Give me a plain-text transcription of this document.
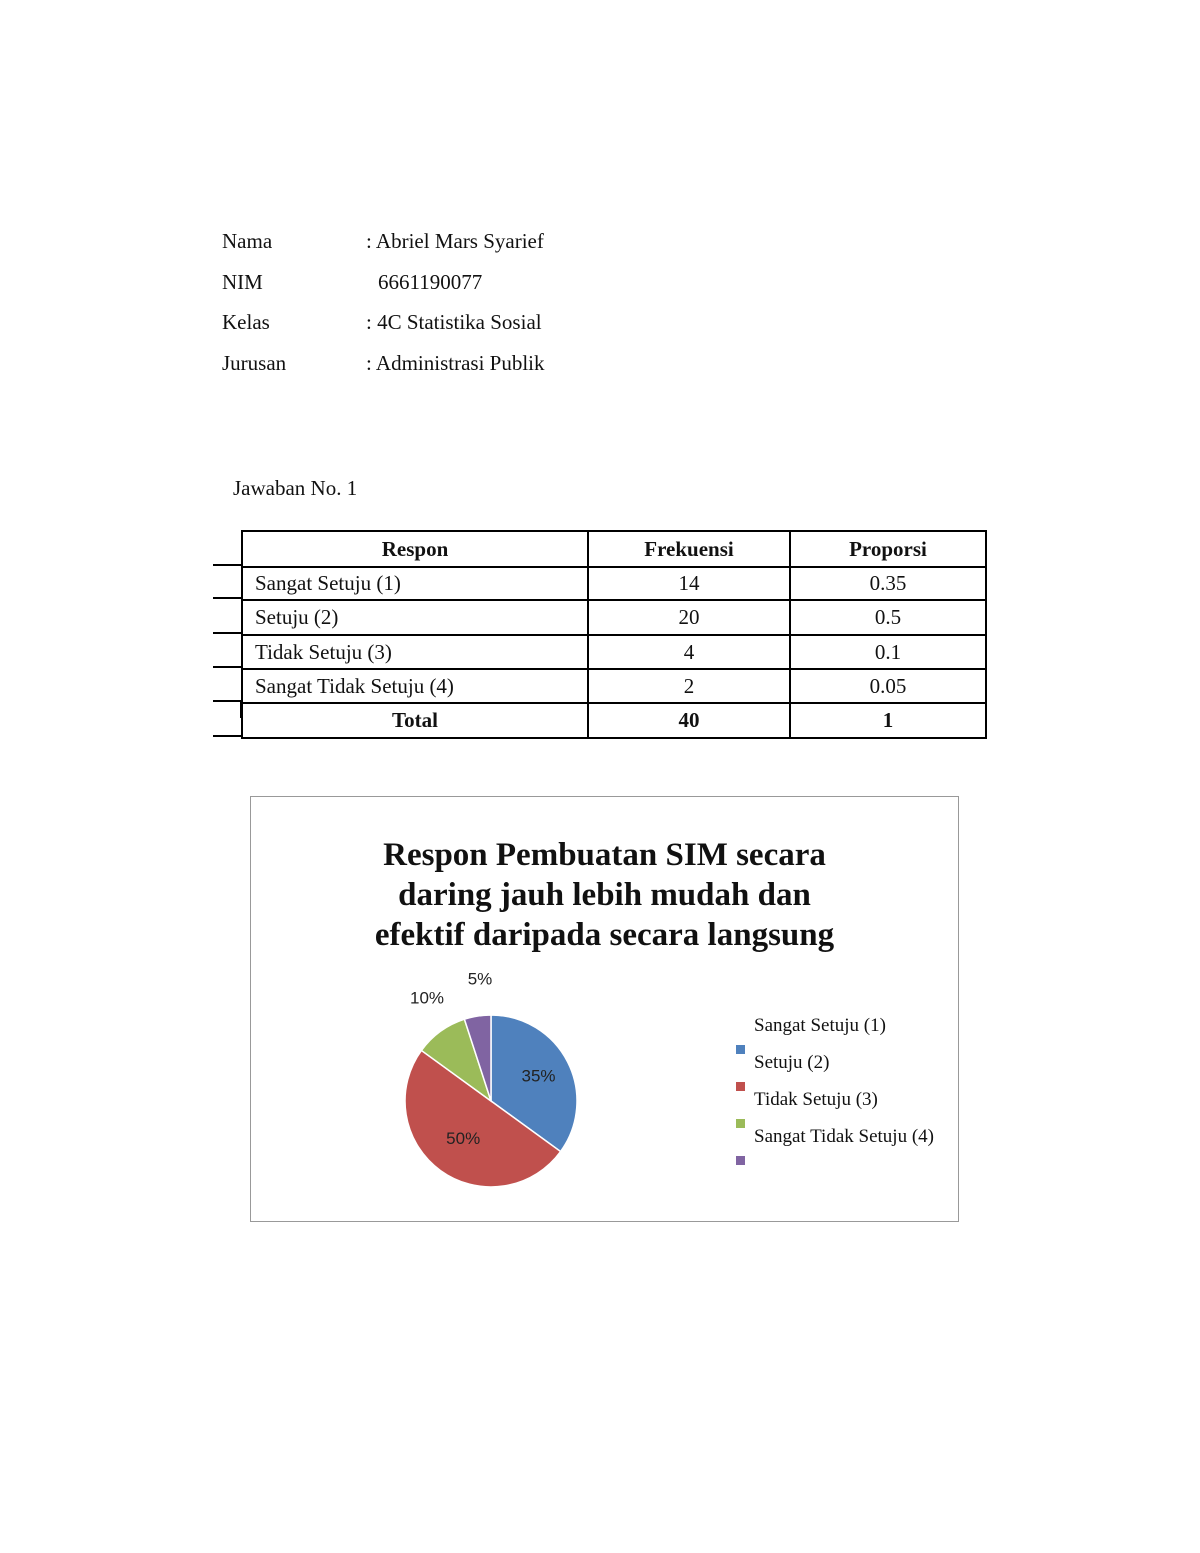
Nama	: Abriel Mars Syarief
NIM	6661190077
Kelas	: 4C Statistika Sosial
Jurusan	: Administrasi Publik
Jawaban No. 1
Respon	Frekuensi	Proporsi
Sangat Setuju (1)	14	0.35
Setuju (2)	20	0.5
Tidak Setuju (3)	4	0.1
Sangat Tidak Setuju (4)	2	0.05
Total	40	1
Respon Pembuatan SIM secara
daring jauh lebih mudah dan
efektif daripada secara langsung
35%
50%
10%
5%
Sangat Setuju (1)
Setuju (2)
Tidak Setuju (3)
Sangat Tidak Setuju (4)
